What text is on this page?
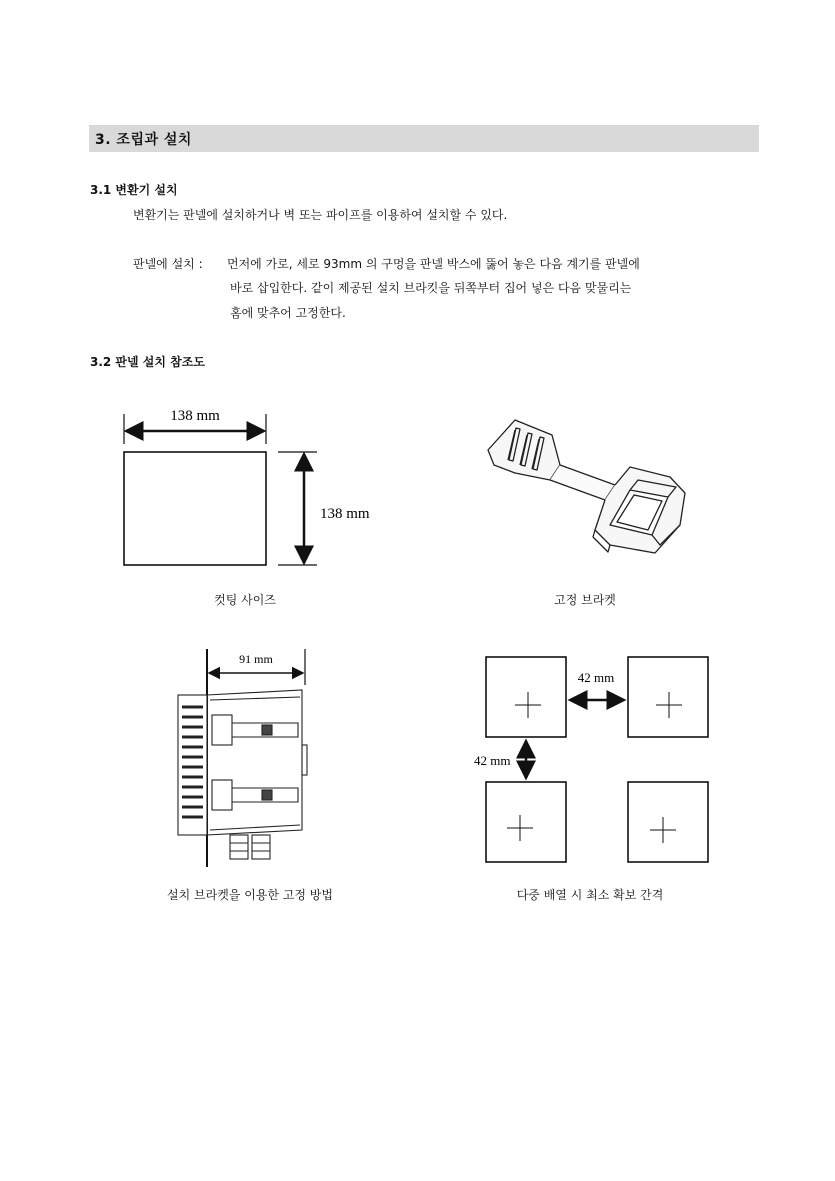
3. 조립과 설치
3.1 변환기 설치
변환기는 판넬에 설치하거나 벽 또는 파이프를 이용하여 설치할 수 있다.
판넬에 설치 : 먼저에 가로, 세로 93mm 의 구멍을 판넬 박스에 뚫어 놓은 다음 계기를 판넬에
바로 삽입한다. 같이 제공된 설치 브라킷을 뒤쪽부터 집어 넣은 다음 맞물리는
홈에 맞추어 고정한다.
3.2 판넬 설치 참조도
138 mm
138 mm
컷팅 사이즈	고정 브라켓
91 mm
설치 브라켓을 이용한 고정 방법
42 mm
42 mm
다중 배열 시 최소 확보 간격
